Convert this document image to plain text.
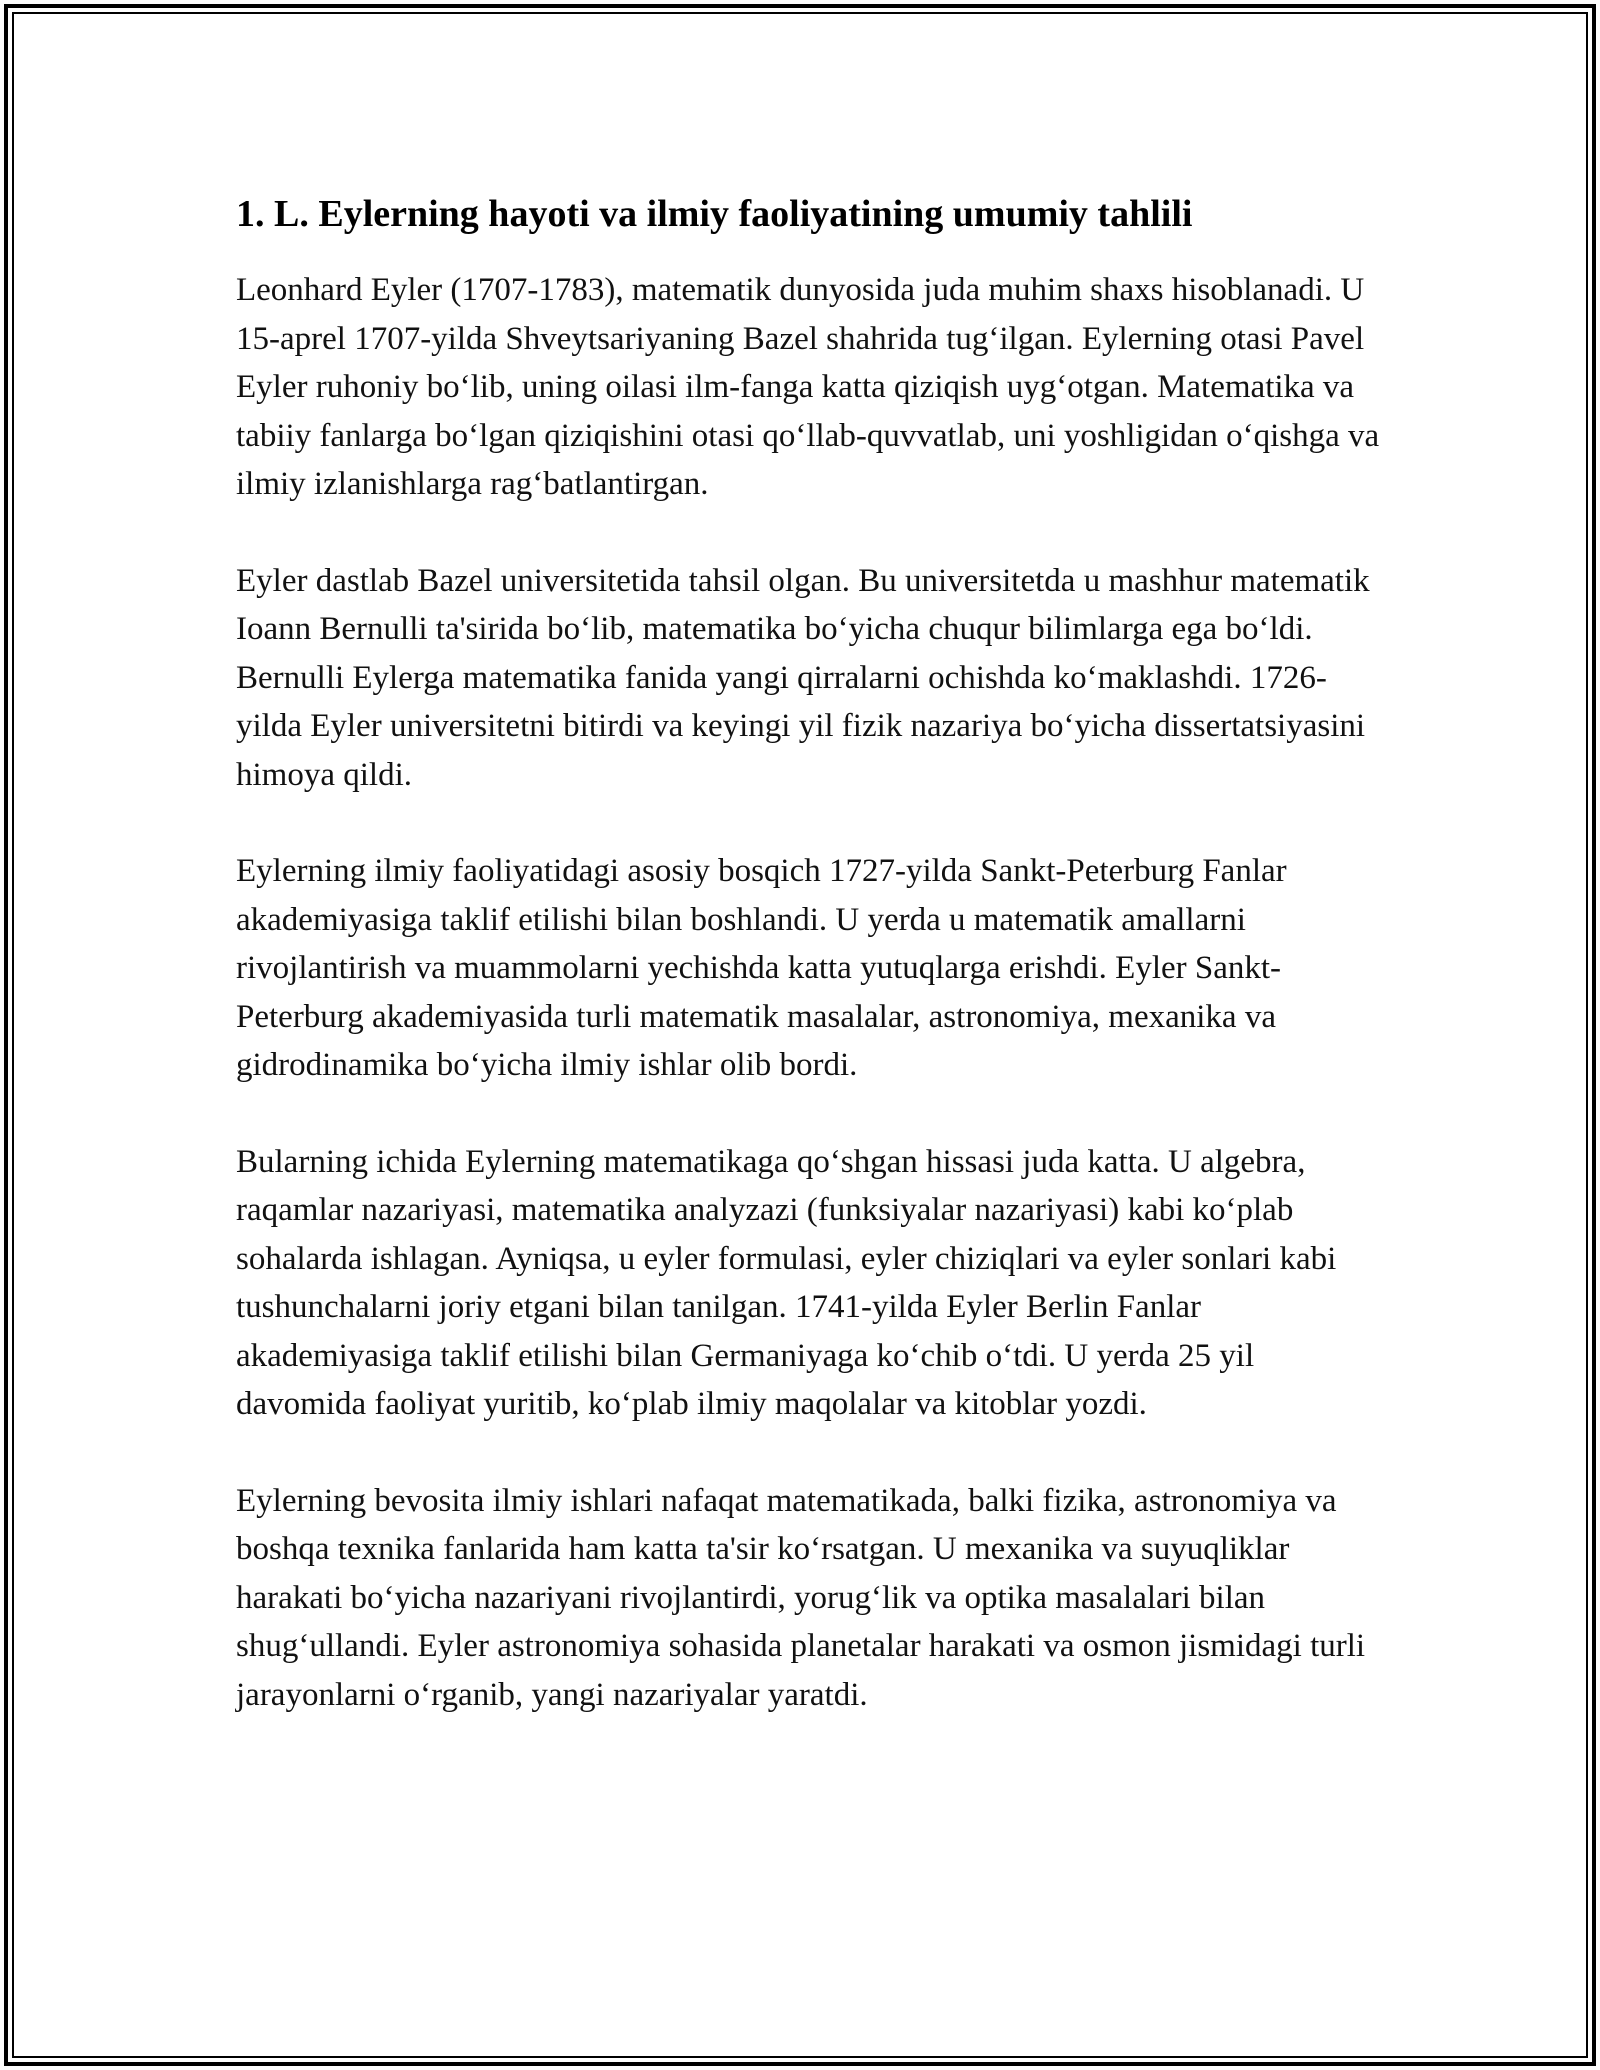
1. L. Eylerning hayoti va ilmiy faoliyatining umumiy tahlili

Leonhard Eyler (1707-1783), matematik dunyosida juda muhim shaxs hisoblanadi. U 15-aprel 1707-yilda Shveytsariyaning Bazel shahrida tug‘ilgan. Eylerning otasi Pavel Eyler ruhoniy bo‘lib, uning oilasi ilm-fanga katta qiziqish uyg‘otgan. Matematika va tabiiy fanlarga bo‘lgan qiziqishini otasi qo‘llab-quvvatlab, uni yoshligidan o‘qishga va ilmiy izlanishlarga rag‘batlantirgan.

Eyler dastlab Bazel universitetida tahsil olgan. Bu universitetda u mashhur matematik Ioann Bernulli ta'sirida bo‘lib, matematika bo‘yicha chuqur bilimlarga ega bo‘ldi. Bernulli Eylerga matematika fanida yangi qirralarni ochishda ko‘maklashdi. 1726-yilda Eyler universitetni bitirdi va keyingi yil fizik nazariya bo‘yicha dissertatsiyasini himoya qildi.

Eylerning ilmiy faoliyatidagi asosiy bosqich 1727-yilda Sankt-Peterburg Fanlar akademiyasiga taklif etilishi bilan boshlandi. U yerda u matematik amallarni rivojlantirish va muammolarni yechishda katta yutuqlarga erishdi. Eyler Sankt-Peterburg akademiyasida turli matematik masalalar, astronomiya, mexanika va gidrodinamika bo‘yicha ilmiy ishlar olib bordi.

Bularning ichida Eylerning matematikaga qo‘shgan hissasi juda katta. U algebra, raqamlar nazariyasi, matematika analyzazi (funksiyalar nazariyasi) kabi ko‘plab sohalarda ishlagan. Ayniqsa, u eyler formulasi, eyler chiziqlari va eyler sonlari kabi tushunchalarni joriy etgani bilan tanilgan. 1741-yilda Eyler Berlin Fanlar akademiyasiga taklif etilishi bilan Germaniyaga ko‘chib o‘tdi. U yerda 25 yil davomida faoliyat yuritib, ko‘plab ilmiy maqolalar va kitoblar yozdi.

Eylerning bevosita ilmiy ishlari nafaqat matematikada, balki fizika, astronomiya va boshqa texnika fanlarida ham katta ta'sir ko‘rsatgan. U mexanika va suyuqliklar harakati bo‘yicha nazariyani rivojlantirdi, yorug‘lik va optika masalalari bilan shug‘ullandi. Eyler astronomiya sohasida planetalar harakati va osmon jismidagi turli jarayonlarni o‘rganib, yangi nazariyalar yaratdi.
